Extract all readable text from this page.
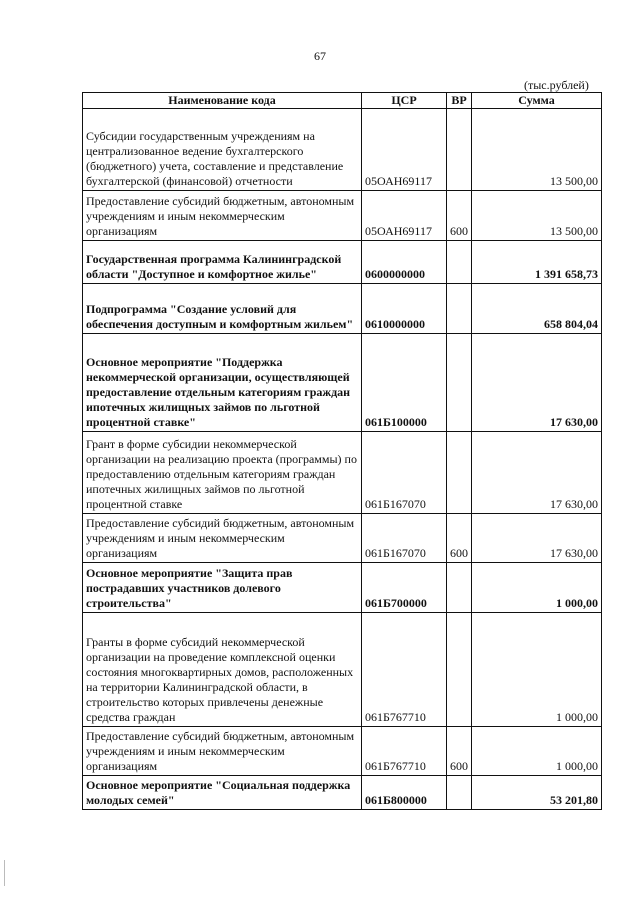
67
(тыс.рублей)
Наименование кода	ЦСР	ВР	Сумма
Субсидии государственным учреждениям на централизованное ведение бухгалтерского (бюджетного) учета, составление и представление бухгалтерской (финансовой) отчетности	05ОАН69117		13 500,00
Предоставление субсидий бюджетным, автономным учреждениям и иным некоммерческим организациям	05ОАН69117	600	13 500,00
Государственная программа Калининградской области "Доступное и комфортное жилье"	0600000000		1 391 658,73
Подпрограмма "Создание условий для обеспечения доступным и комфортным жильем"	0610000000		658 804,04
Основное мероприятие "Поддержка некоммерческой организации, осуществляющей предоставление отдельным категориям граждан ипотечных жилищных займов по льготной процентной ставке"	061Б100000		17 630,00
Грант в форме субсидии некоммерческой организации на реализацию проекта (программы) по предоставлению отдельным категориям граждан ипотечных жилищных займов по льготной процентной ставке	061Б167070		17 630,00
Предоставление субсидий бюджетным, автономным учреждениям и иным некоммерческим организациям	061Б167070	600	17 630,00
Основное мероприятие "Защита прав пострадавших участников долевого строительства"	061Б700000		1 000,00
Гранты в форме субсидий некоммерческой организации на проведение комплексной оценки состояния многоквартирных домов, расположенных на территории Калининградской области, в строительство которых привлечены денежные средства граждан	061Б767710		1 000,00
Предоставление субсидий бюджетным, автономным учреждениям и иным некоммерческим организациям	061Б767710	600	1 000,00
Основное мероприятие "Социальная поддержка молодых семей"	061Б800000		53 201,80
